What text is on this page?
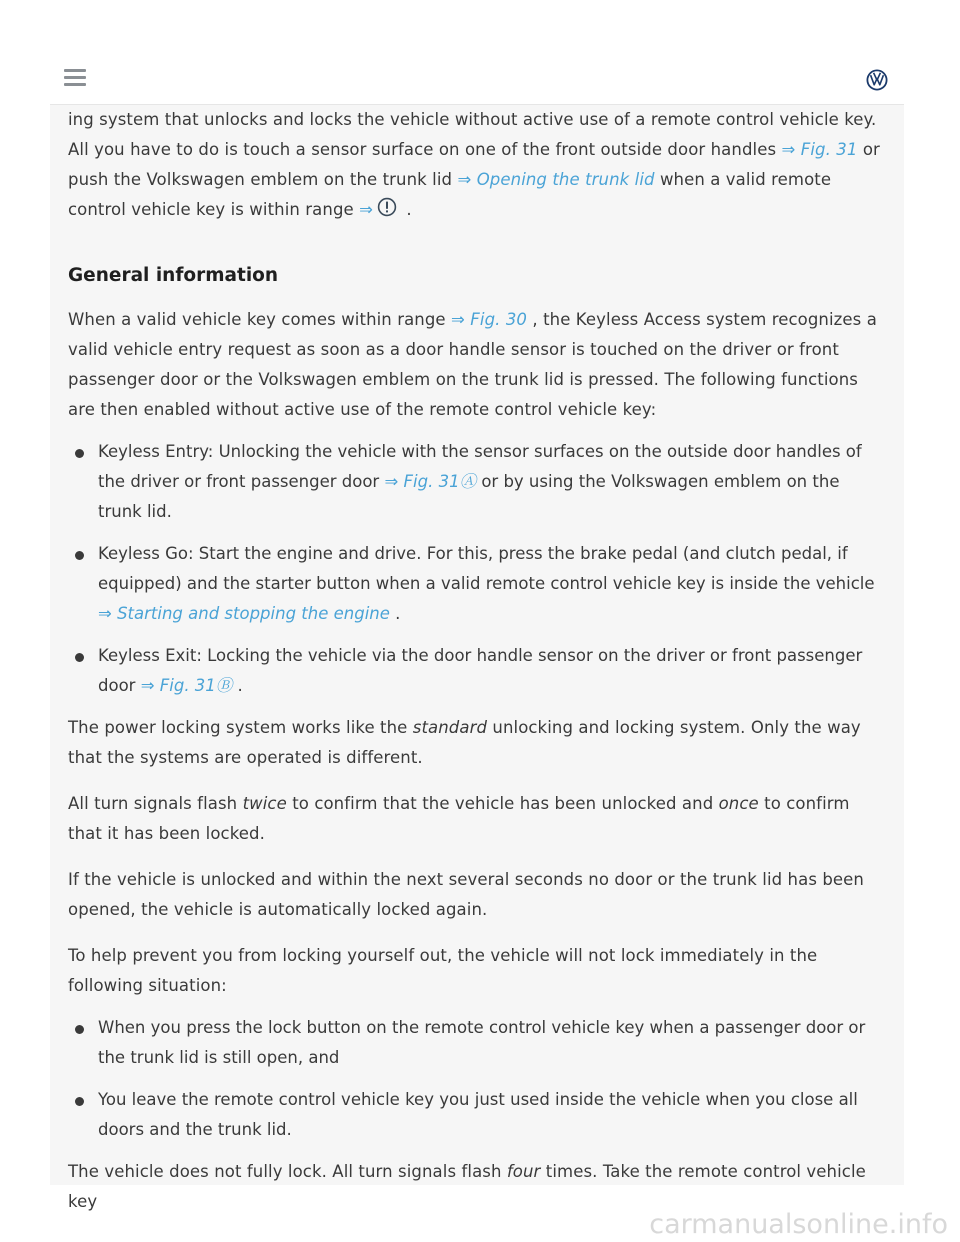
ing system that unlocks and locks the vehicle without active use of a remote control vehicle key. All you have to do is touch a sensor surface on one of the front outside door handles ⇒ Fig. 31 or push the Volkswagen emblem on the trunk lid ⇒ Opening the trunk lid when a valid remote control vehicle key is within range ⇒ .

General information

When a valid vehicle key comes within range ⇒ Fig. 30 , the Keyless Access system recognizes a valid vehicle entry request as soon as a door handle sensor is touched on the driver or front passenger door or the Volkswagen emblem on the trunk lid is pressed. The following functions are then enabled without active use of the remote control vehicle key:

Keyless Entry: Unlocking the vehicle with the sensor surfaces on the outside door handles of the driver or front passenger door ⇒ Fig. 31Ⓐ or by using the Volkswagen emblem on the trunk lid.
Keyless Go: Start the engine and drive. For this, press the brake pedal (and clutch pedal, if equipped) and the starter button when a valid remote control vehicle key is inside the vehicle ⇒ Starting and stopping the engine .
Keyless Exit: Locking the vehicle via the door handle sensor on the driver or front passenger door ⇒ Fig. 31Ⓑ .

The power locking system works like the standard unlocking and locking system. Only the way that the systems are operated is different.

All turn signals flash twice to confirm that the vehicle has been unlocked and once to confirm that it has been locked.

If the vehicle is unlocked and within the next several seconds no door or the trunk lid has been opened, the vehicle is automatically locked again.

To help prevent you from locking yourself out, the vehicle will not lock immediately in the following situation:

When you press the lock button on the remote control vehicle key when a passenger door or the trunk lid is still open, and
You leave the remote control vehicle key you just used inside the vehicle when you close all doors and the trunk lid.

The vehicle does not fully lock. All turn signals flash four times. Take the remote control vehicle key

carmanualsonline.info
